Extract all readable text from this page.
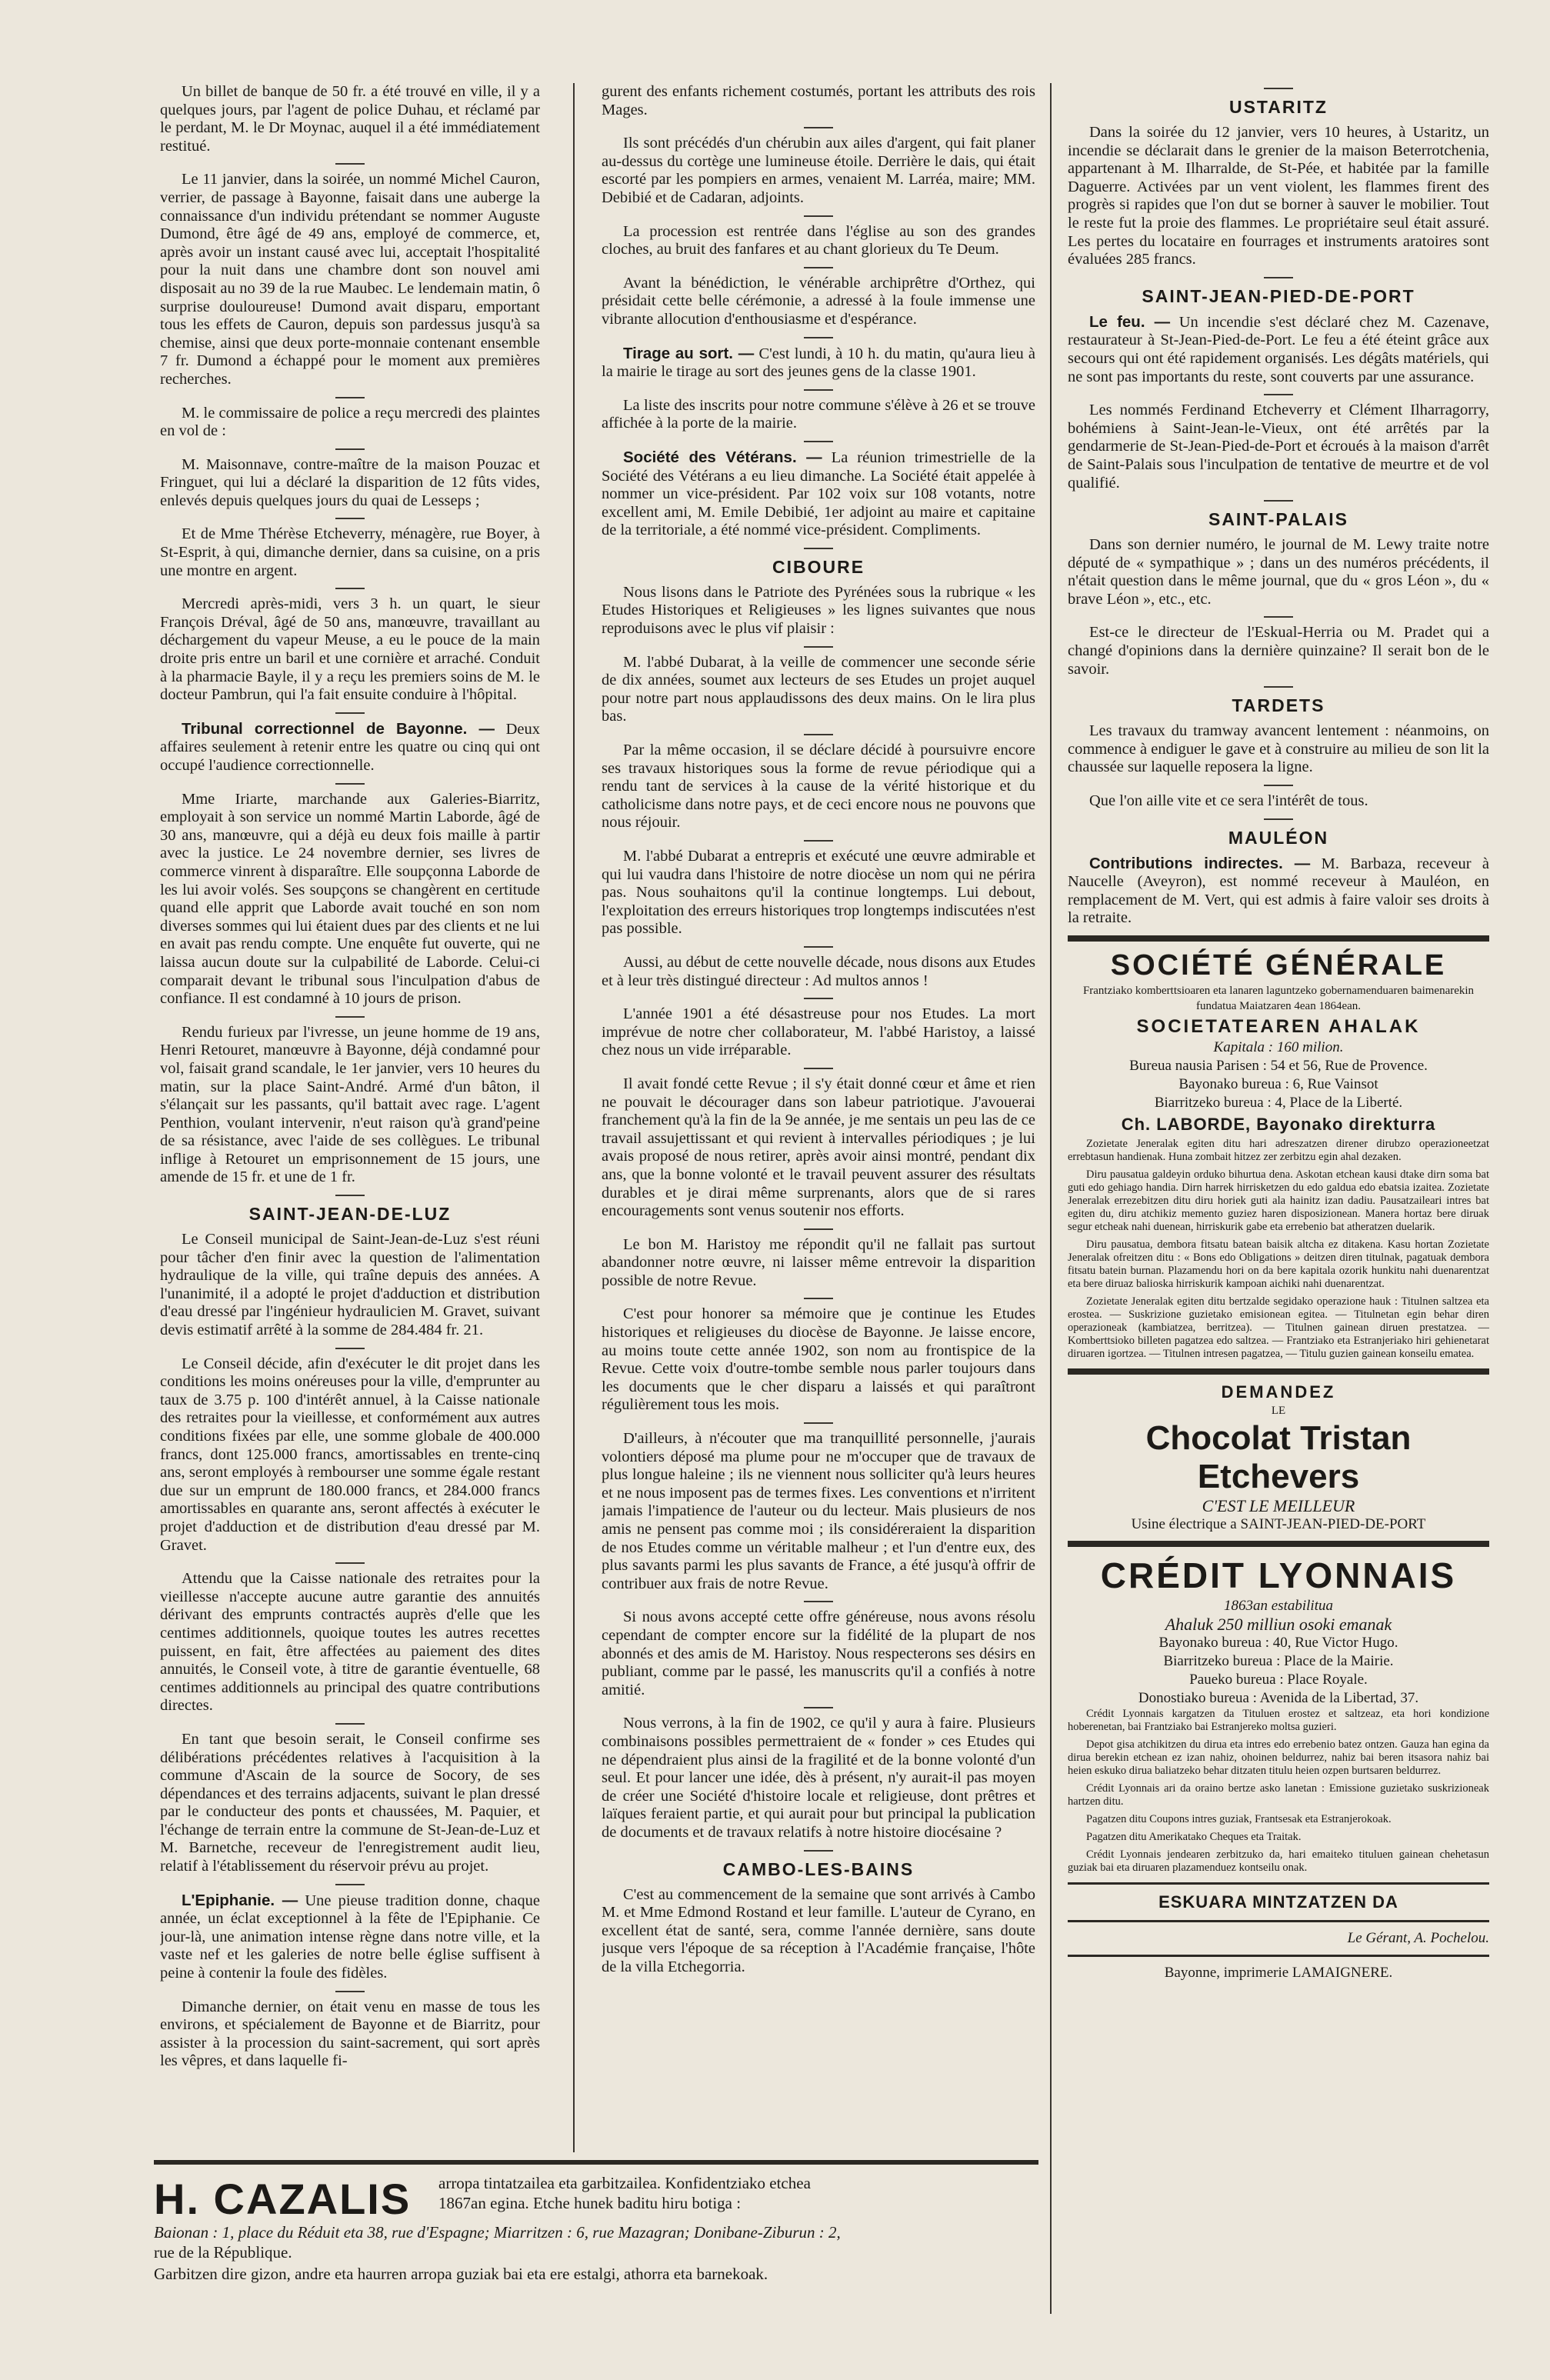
Un billet de banque de 50 fr. a été trouvé en ville, il y a quelques jours, par l'agent de police Duhau, et réclamé par le perdant, M. le Dr Moynac, auquel il a été immédiatement restitué.

Le 11 janvier, dans la soirée, un nommé Michel Cauron, verrier, de passage à Bayonne, faisait dans une auberge la connaissance d'un individu prétendant se nommer Auguste Dumond, être âgé de 49 ans, employé de commerce, et, après avoir un instant causé avec lui, acceptait l'hospitalité pour la nuit dans une chambre dont son nouvel ami disposait au no 39 de la rue Maubec. Le lendemain matin, ô surprise douloureuse! Dumond avait disparu, emportant tous les effets de Cauron, depuis son pardessus jusqu'à sa chemise, ainsi que deux porte-monnaie contenant ensemble 7 fr. Dumond a échappé pour le moment aux premières recherches.

M. le commissaire de police a reçu mercredi des plaintes en vol de :

M. Maisonnave, contre-maître de la maison Pouzac et Fringuet, qui lui a déclaré la disparition de 12 fûts vides, enlevés depuis quelques jours du quai de Lesseps ;

Et de Mme Thérèse Etcheverry, ménagère, rue Boyer, à St-Esprit, à qui, dimanche dernier, dans sa cuisine, on a pris une montre en argent.

Mercredi après-midi, vers 3 h. un quart, le sieur François Dréval, âgé de 50 ans, manœuvre, travaillant au déchargement du vapeur Meuse, a eu le pouce de la main droite pris entre un baril et une cornière et arraché. Conduit à la pharmacie Bayle, il y a reçu les premiers soins de M. le docteur Pambrun, qui l'a fait ensuite conduire à l'hôpital.

Tribunal correctionnel de Bayonne. — Deux affaires seulement à retenir entre les quatre ou cinq qui ont occupé l'audience correctionnelle.

Mme Iriarte, marchande aux Galeries-Biarritz, employait à son service un nommé Martin Laborde, âgé de 30 ans, manœuvre, qui a déjà eu deux fois maille à partir avec la justice. Le 24 novembre dernier, ses livres de commerce vinrent à disparaître. Elle soupçonna Laborde de les lui avoir volés. Ses soupçons se changèrent en certitude quand elle apprit que Laborde avait touché en son nom diverses sommes qui lui étaient dues par des clients et ne lui en avait pas rendu compte. Une enquête fut ouverte, qui ne laissa aucun doute sur la culpabilité de Laborde. Celui-ci comparait devant le tribunal sous l'inculpation d'abus de confiance. Il est condamné à 10 jours de prison.

Rendu furieux par l'ivresse, un jeune homme de 19 ans, Henri Retouret, manœuvre à Bayonne, déjà condamné pour vol, faisait grand scandale, le 1er janvier, vers 10 heures du matin, sur la place Saint-André. Armé d'un bâton, il s'élançait sur les passants, qu'il battait avec rage. L'agent Penthion, voulant intervenir, n'eut raison qu'à grand'peine de sa résistance, avec l'aide de ses collègues. Le tribunal inflige à Retouret un emprisonnement de 15 jours, une amende de 15 fr. et une de 1 fr.

SAINT-JEAN-DE-LUZ

Le Conseil municipal de Saint-Jean-de-Luz s'est réuni pour tâcher d'en finir avec la question de l'alimentation hydraulique de la ville, qui traîne depuis des années. A l'unanimité, il a adopté le projet d'adduction et distribution d'eau dressé par l'ingénieur hydraulicien M. Gravet, suivant devis estimatif arrêté à la somme de 284.484 fr. 21.

Le Conseil décide, afin d'exécuter le dit projet dans les conditions les moins onéreuses pour la ville, d'emprunter au taux de 3.75 p. 100 d'intérêt annuel, à la Caisse nationale des retraites pour la vieillesse, et conformément aux autres conditions fixées par elle, une somme globale de 400.000 francs, dont 125.000 francs, amortissables en trente-cinq ans, seront employés à rembourser une somme égale restant due sur un emprunt de 180.000 francs, et 284.000 francs amortissables en quarante ans, seront affectés à exécuter le projet d'adduction et de distribution d'eau dressé par M. Gravet.

Attendu que la Caisse nationale des retraites pour la vieillesse n'accepte aucune autre garantie des annuités dérivant des emprunts contractés auprès d'elle que les centimes additionnels, quoique toutes les autres recettes puissent, en fait, être affectées au paiement des dites annuités, le Conseil vote, à titre de garantie éventuelle, 68 centimes additionnels au principal des quatre contributions directes.

En tant que besoin serait, le Conseil confirme ses délibérations précédentes relatives à l'acquisition à la commune d'Ascain de la source de Socory, de ses dépendances et des terrains adjacents, suivant le plan dressé par le conducteur des ponts et chaussées, M. Paquier, et l'échange de terrain entre la commune de St-Jean-de-Luz et M. Barnetche, receveur de l'enregistrement audit lieu, relatif à l'établissement du réservoir prévu au projet.

L'Epiphanie. — Une pieuse tradition donne, chaque année, un éclat exceptionnel à la fête de l'Epiphanie. Ce jour-là, une animation intense règne dans notre ville, et la vaste nef et les galeries de notre belle église suffisent à peine à contenir la foule des fidèles.

Dimanche dernier, on était venu en masse de tous les environs, et spécialement de Bayonne et de Biarritz, pour assister à la procession du saint-sacrement, qui sort après les vêpres, et dans laquelle fi-

gurent des enfants richement costumés, portant les attributs des rois Mages.

Ils sont précédés d'un chérubin aux ailes d'argent, qui fait planer au-dessus du cortège une lumineuse étoile. Derrière le dais, qui était escorté par les pompiers en armes, venaient M. Larréa, maire; MM. Debibié et de Cadaran, adjoints.

La procession est rentrée dans l'église au son des grandes cloches, au bruit des fanfares et au chant glorieux du Te Deum.

Avant la bénédiction, le vénérable archiprêtre d'Orthez, qui présidait cette belle cérémonie, a adressé à la foule immense une vibrante allocution d'enthousiasme et d'espérance.

Tirage au sort. — C'est lundi, à 10 h. du matin, qu'aura lieu à la mairie le tirage au sort des jeunes gens de la classe 1901.

La liste des inscrits pour notre commune s'élève à 26 et se trouve affichée à la porte de la mairie.

Société des Vétérans. — La réunion trimestrielle de la Société des Vétérans a eu lieu dimanche. La Société était appelée à nommer un vice-président. Par 102 voix sur 108 votants, notre excellent ami, M. Emile Debibié, 1er adjoint au maire et capitaine de la territoriale, a été nommé vice-président. Compliments.

CIBOURE

Nous lisons dans le Patriote des Pyrénées sous la rubrique « les Etudes Historiques et Religieuses » les lignes suivantes que nous reproduisons avec le plus vif plaisir :

M. l'abbé Dubarat, à la veille de commencer une seconde série de dix années, soumet aux lecteurs de ses Etudes un projet auquel pour notre part nous applaudissons des deux mains. On le lira plus bas.

Par la même occasion, il se déclare décidé à poursuivre encore ses travaux historiques sous la forme de revue périodique qui a rendu tant de services à la cause de la vérité historique et du catholicisme dans notre pays, et de ceci encore nous ne pouvons que nous réjouir.

M. l'abbé Dubarat a entrepris et exécuté une œuvre admirable et qui lui vaudra dans l'histoire de notre diocèse un nom qui ne périra pas. Nous souhaitons qu'il la continue longtemps. Lui debout, l'exploitation des erreurs historiques trop longtemps indiscutées n'est pas possible.

Aussi, au début de cette nouvelle décade, nous disons aux Etudes et à leur très distingué directeur : Ad multos annos !

L'année 1901 a été désastreuse pour nos Etudes. La mort imprévue de notre cher collaborateur, M. l'abbé Haristoy, a laissé chez nous un vide irréparable.

Il avait fondé cette Revue ; il s'y était donné cœur et âme et rien ne pouvait le décourager dans son labeur patriotique. J'avouerai franchement qu'à la fin de la 9e année, je me sentais un peu las de ce travail assujettissant et qui revient à intervalles périodiques ; je lui avais proposé de nous retirer, après avoir ainsi montré, pendant dix ans, que la bonne volonté et le travail peuvent assurer des résultats durables et je dirai même surprenants, alors que de si rares encouragements sont venus soutenir nos efforts.

Le bon M. Haristoy me répondit qu'il ne fallait pas surtout abandonner notre œuvre, ni laisser même entrevoir la disparition possible de notre Revue.

C'est pour honorer sa mémoire que je continue les Etudes historiques et religieuses du diocèse de Bayonne. Je laisse encore, au moins toute cette année 1902, son nom au frontispice de la Revue. Cette voix d'outre-tombe semble nous parler toujours dans les documents que le cher disparu a laissés et qui paraîtront régulièrement tous les mois.

D'ailleurs, à n'écouter que ma tranquillité personnelle, j'aurais volontiers déposé ma plume pour ne m'occuper que de travaux de plus longue haleine ; ils ne viennent nous solliciter qu'à leurs heures et ne nous imposent pas de termes fixes. Les conventions et n'irritent jamais l'impatience de l'auteur ou du lecteur. Mais plusieurs de nos amis ne pensent pas comme moi ; ils considéreraient la disparition de nos Etudes comme un véritable malheur ; et l'un d'entre eux, des plus savants parmi les plus savants de France, a été jusqu'à offrir de contribuer aux frais de notre Revue.

Si nous avons accepté cette offre généreuse, nous avons résolu cependant de compter encore sur la fidélité de la plupart de nos abonnés et des amis de M. Haristoy. Nous respecterons ses désirs en publiant, comme par le passé, les manuscrits qu'il a confiés à notre amitié.

Nous verrons, à la fin de 1902, ce qu'il y aura à faire. Plusieurs combinaisons possibles permettraient de « fonder » ces Etudes qui ne dépendraient plus ainsi de la fragilité et de la bonne volonté d'un seul. Et pour lancer une idée, dès à présent, n'y aurait-il pas moyen de créer une Société d'histoire locale et religieuse, dont prêtres et laïques feraient partie, et qui aurait pour but principal la publication de documents et de travaux relatifs à notre histoire diocésaine ?

CAMBO-LES-BAINS

C'est au commencement de la semaine que sont arrivés à Cambo M. et Mme Edmond Rostand et leur famille. L'auteur de Cyrano, en excellent état de santé, sera, comme l'année dernière, sans doute jusque vers l'époque de sa réception à l'Académie française, l'hôte de la villa Etchegorria.

USTARITZ

Dans la soirée du 12 janvier, vers 10 heures, à Ustaritz, un incendie se déclarait dans le grenier de la maison Beterrotchenia, appartenant à M. Ilharralde, de St-Pée, et habitée par la famille Daguerre. Activées par un vent violent, les flammes firent des progrès si rapides que l'on dut se borner à sauver le mobilier. Tout le reste fut la proie des flammes. Le propriétaire seul était assuré. Les pertes du locataire en fourrages et instruments aratoires sont évaluées 285 francs.

SAINT-JEAN-PIED-DE-PORT

Le feu. — Un incendie s'est déclaré chez M. Cazenave, restaurateur à St-Jean-Pied-de-Port. Le feu a été éteint grâce aux secours qui ont été rapidement organisés. Les dégâts matériels, qui ne sont pas importants du reste, sont couverts par une assurance.

Les nommés Ferdinand Etcheverry et Clément Ilharragorry, bohémiens à Saint-Jean-le-Vieux, ont été arrêtés par la gendarmerie de St-Jean-Pied-de-Port et écroués à la maison d'arrêt de Saint-Palais sous l'inculpation de tentative de meurtre et de vol qualifié.

SAINT-PALAIS

Dans son dernier numéro, le journal de M. Lewy traite notre député de « sympathique » ; dans un des numéros précédents, il n'était question dans le même journal, que du « gros Léon », du « brave Léon », etc., etc.

Est-ce le directeur de l'Eskual-Herria ou M. Pradet qui a changé d'opinions dans la dernière quinzaine? Il serait bon de le savoir.

TARDETS

Les travaux du tramway avancent lentement : néanmoins, on commence à endiguer le gave et à construire au milieu de son lit la chaussée sur laquelle reposera la ligne.

Que l'on aille vite et ce sera l'intérêt de tous.

MAULÉON

Contributions indirectes. — M. Barbaza, receveur à Naucelle (Aveyron), est nommé receveur à Mauléon, en remplacement de M. Vert, qui est admis à faire valoir ses droits à la retraite.

SOCIÉTÉ GÉNÉRALE
Frantziako komberttsioaren eta lanaren laguntzeko gobernamenduaren baimenarekin
fundatua Maiatzaren 4ean 1864ean.
SOCIETATEAREN AHALAK
Kapitala : 160 milion.
Bureua nausia Parisen : 54 et 56, Rue de Provence.
Bayonako bureua : 6, Rue Vainsot
Biarritzeko bureua : 4, Place de la Liberté.
Ch. LABORDE, Bayonako direkturra

Zozietate Jeneralak egiten ditu hari adreszatzen direner dirubzo operazioneetzat errebtasun handienak. Huna zombait hitzez zer zerbitzu egin ahal dezaken.

Diru pausatua galdeyin orduko bihurtua dena. Askotan etchean kausi dtake dirn soma bat guti edo gehiago handia. Dirn harrek hirrisketzen du edo galdua edo ebatsia izaitea. Zozietate Jeneralak errezebitzen ditu diru horiek guti ala hainitz izan dadiu. Pausatzaileari intres bat egiten du, diru atchikiz memento guziez haren disposizionean. Manera hortaz bere diruak segur etcheak nahi duenean, hirriskurik gabe eta errebenio bat atheratzen duelarik.

Diru pausatua, dembora fitsatu batean baisik altcha ez ditakena. Kasu hortan Zozietate Jeneralak ofreitzen ditu : « Bons edo Obligations » deitzen diren titulnak, pagatuak dembora fitsatu batein burnan. Plazamendu hori on da bere kapitala ozorik hunkitu nahi duenarentzat eta bere diruaz balioska hirriskurik kampoan aichiki nahi duenarentzat.

Zozietate Jeneralak egiten ditu bertzalde segidako operazione hauk : Titulnen saltzea eta erostea. — Suskrizione guzietako emisionean egitea. — Titulnetan egin behar diren operazioneak (kambiatzea, berritzea). — Titulnen gainean diruen prestatzea. — Komberttsioko billeten pagatzea edo saltzea. — Frantziako eta Estranjeriako hiri gehienetarat diruaren igortzea. — Titulnen intresen pagatzea, — Titulu guzien gainean konseilu ematea.

DEMANDEZ
LE
Chocolat Tristan Etchevers
C'EST LE MEILLEUR
Usine électrique a SAINT-JEAN-PIED-DE-PORT
CRÉDIT LYONNAIS
1863an estabilitua
Ahaluk 250 milliun osoki emanak
Bayonako bureua : 40, Rue Victor Hugo.
Biarritzeko bureua : Place de la Mairie.
Paueko bureua : Place Royale.
Donostiako bureua : Avenida de la Libertad, 37.

Crédit Lyonnais kargatzen da Tituluen erostez et saltzeaz, eta hori kondizione hoberenetan, bai Frantziako bai Estranjereko moltsa guzieri.

Depot gisa atchikitzen du dirua eta intres edo errebenio batez ontzen. Gauza han egina da dirua berekin etchean ez izan nahiz, ohoinen beldurrez, nahiz bai beren itsasora nahiz bai heien eskuko dirua baliatzeko behar ditzaten titulu heien ozpen burtsaren beldurrez.

Crédit Lyonnais ari da oraino bertze asko lanetan : Emissione guzietako suskrizioneak hartzen ditu.

Pagatzen ditu Coupons intres guziak, Frantsesak eta Estranjerokoak.

Pagatzen ditu Amerikatako Cheques eta Traitak.

Crédit Lyonnais jendearen zerbitzuko da, hari emaiteko tituluen gainean chehetasun guziak bai eta diruaren plazamenduez kontseilu onak.

ESKUARA MINTZATZEN DA
Le Gérant, A. Pochelou.
Bayonne, imprimerie LAMAIGNERE.
H. CAZALIS arropa tintatzailea eta garbitzailea. Konfidentziako etchea
1867an egina. Etche hunek baditu hiru botiga :
Baionan : 1, place du Réduit eta 38, rue d'Espagne; Miarritzen : 6, rue Mazagran; Donibane-Ziburun : 2,
rue de la République.
Garbitzen dire gizon, andre eta haurren arropa guziak bai eta ere estalgi, athorra eta barnekoak.
